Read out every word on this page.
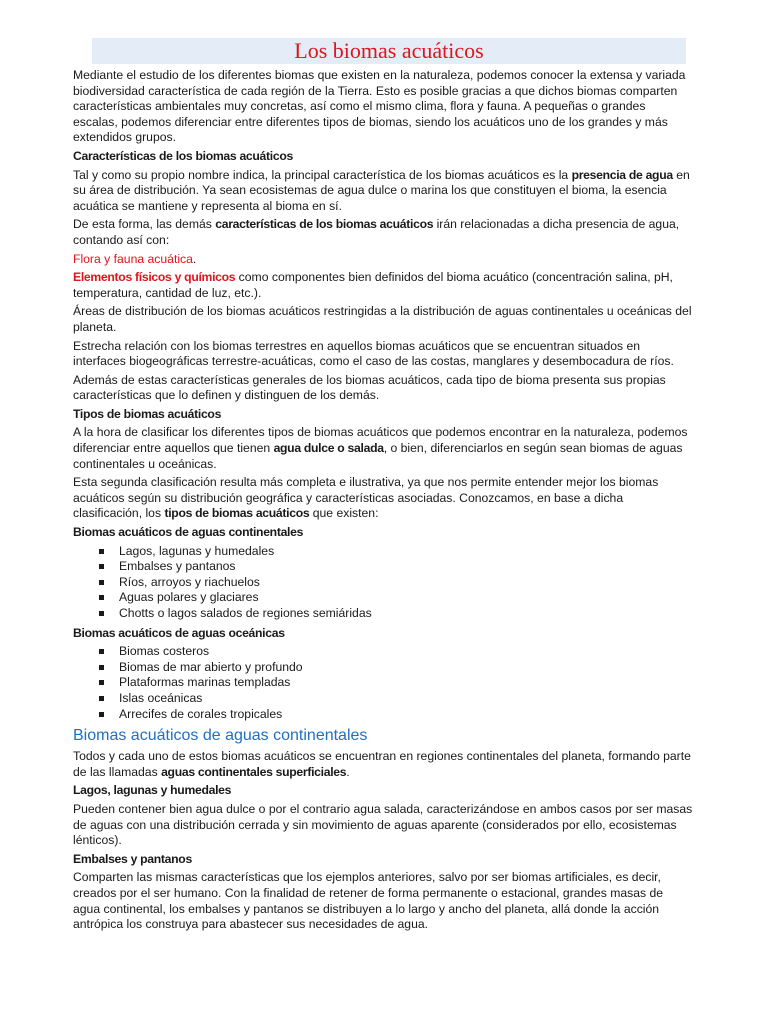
Los biomas acuáticos

Mediante el estudio de los diferentes biomas que existen en la naturaleza, podemos conocer la extensa y variada biodiversidad característica de cada región de la Tierra. Esto es posible gracias a que dichos biomas comparten características ambientales muy concretas, así como el mismo clima, flora y fauna. A pequeñas o grandes escalas, podemos diferenciar entre diferentes tipos de biomas, siendo los acuáticos uno de los grandes y más extendidos grupos.

Características de los biomas acuáticos

Tal y como su propio nombre indica, la principal característica de los biomas acuáticos es la presencia de agua en su área de distribución. Ya sean ecosistemas de agua dulce o marina los que constituyen el bioma, la esencia acuática se mantiene y representa al bioma en sí.

De esta forma, las demás características de los biomas acuáticos irán relacionadas a dicha presencia de agua, contando así con:

Flora y fauna acuática.

Elementos físicos y químicos como componentes bien definidos del bioma acuático (concentración salina, pH, temperatura, cantidad de luz, etc.).

Áreas de distribución de los biomas acuáticos restringidas a la distribución de aguas continentales u oceánicas del planeta.

Estrecha relación con los biomas terrestres en aquellos biomas acuáticos que se encuentran situados en interfaces biogeográficas terrestre-acuáticas, como el caso de las costas, manglares y desembocadura de ríos.

Además de estas características generales de los biomas acuáticos, cada tipo de bioma presenta sus propias características que lo definen y distinguen de los demás.

Tipos de biomas acuáticos

A la hora de clasificar los diferentes tipos de biomas acuáticos que podemos encontrar en la naturaleza, podemos diferenciar entre aquellos que tienen agua dulce o salada, o bien, diferenciarlos en según sean biomas de aguas continentales u oceánicas.

Esta segunda clasificación resulta más completa e ilustrativa, ya que nos permite entender mejor los biomas acuáticos según su distribución geográfica y características asociadas. Conozcamos, en base a dicha clasificación, los tipos de biomas acuáticos que existen:

Biomas acuáticos de aguas continentales

Lagos, lagunas y humedales
Embalses y pantanos
Ríos, arroyos y riachuelos
Aguas polares y glaciares
Chotts o lagos salados de regiones semiáridas

Biomas acuáticos de aguas oceánicas

Biomas costeros
Biomas de mar abierto y profundo
Plataformas marinas templadas
Islas oceánicas
Arrecifes de corales tropicales
Biomas acuáticos de aguas continentales

Todos y cada uno de estos biomas acuáticos se encuentran en regiones continentales del planeta, formando parte de las llamadas aguas continentales superficiales.

Lagos, lagunas y humedales

Pueden contener bien agua dulce o por el contrario agua salada, caracterizándose en ambos casos por ser masas de aguas con una distribución cerrada y sin movimiento de aguas aparente (considerados por ello, ecosistemas lénticos).

Embalses y pantanos

Comparten las mismas características que los ejemplos anteriores, salvo por ser biomas artificiales, es decir, creados por el ser humano. Con la finalidad de retener de forma permanente o estacional, grandes masas de agua continental, los embalses y pantanos se distribuyen a lo largo y ancho del planeta, allá donde la acción antrópica los construya para abastecer sus necesidades de agua.
